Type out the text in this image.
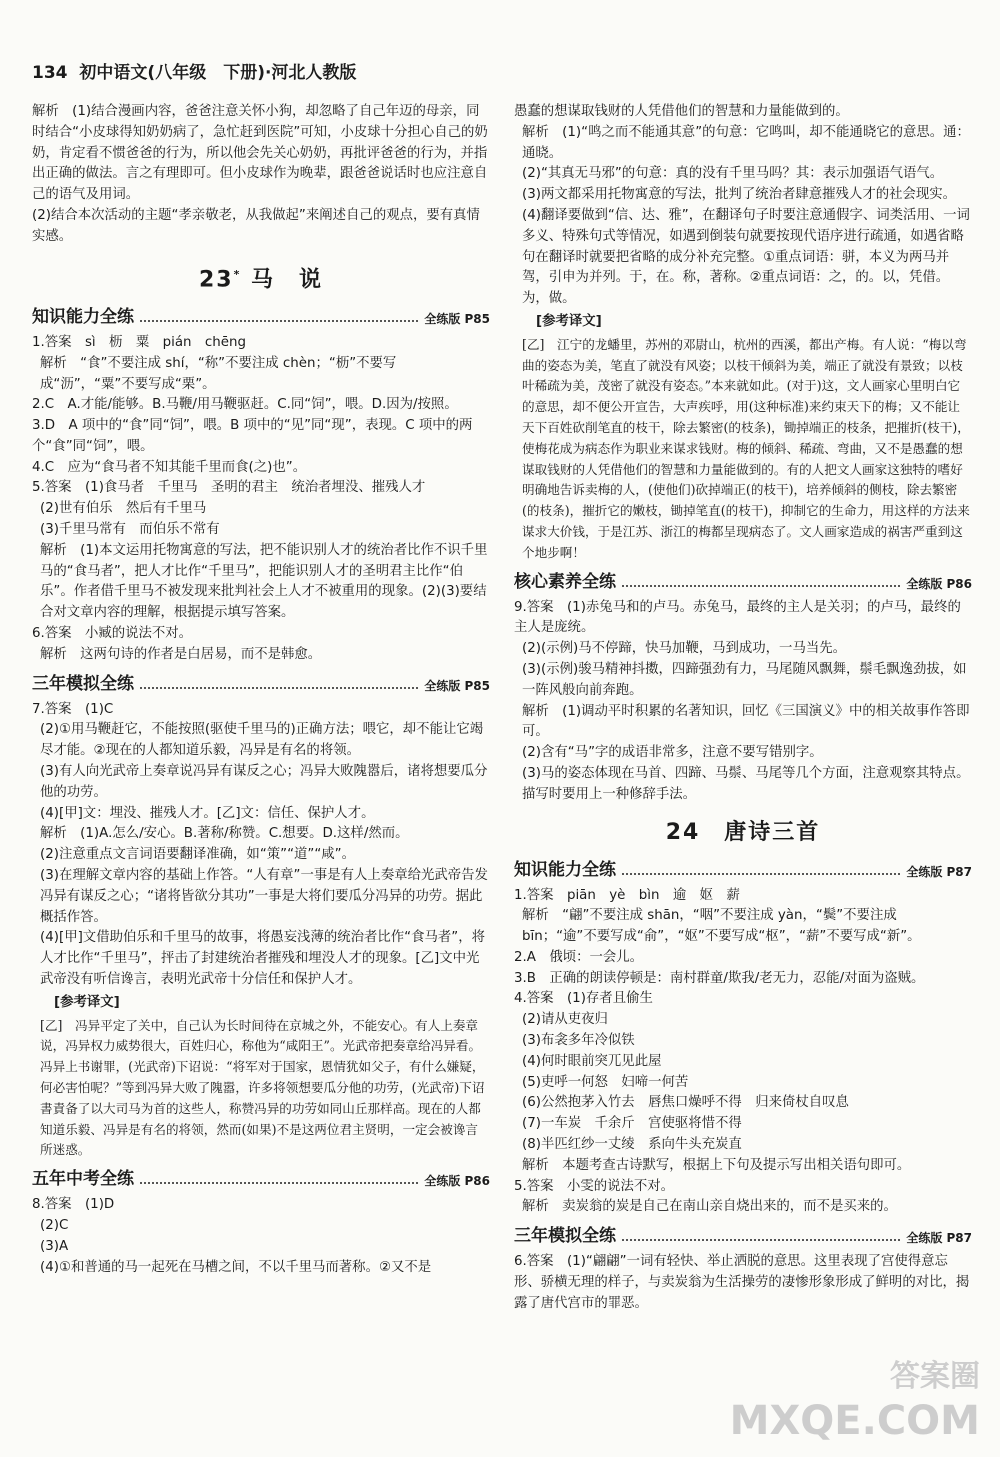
134 初中语文(八年级　下册)·河北人教版

解析　(1)结合漫画内容，爸爸注意关怀小狗，却忽略了自己年迈的母亲，同时结合“小皮球得知奶奶病了，急忙赶到医院”可知，小皮球十分担心自己的奶奶，肯定看不惯爸爸的行为，所以他会先关心奶奶，再批评爸爸的行为，并指出正确的做法。言之有理即可。但小皮球作为晚辈，跟爸爸说话时也应注意自己的语气及用词。

(2)结合本次活动的主题“孝亲敬老，从我做起”来阐述自己的观点，要有真情实感。

23* 马　说
知识能力全练	全练版 P85

1.答案　sì　枥　粟　pián　chēng

解析　“食”不要注成 shí，“称”不要注成 chèn；“枥”不要写成“沥”，“粟”不要写成“栗”。

2.C　A.才能/能够。B.马鞭/用马鞭驱赶。C.同“饲”，喂。D.因为/按照。

3.D　A 项中的“食”同“饲”，喂。B 项中的“见”同“现”，表现。C 项中的两个“食”同“饲”，喂。

4.C　应为“食马者不知其能千里而食(之)也”。

5.答案　(1)食马者　千里马　圣明的君主　统治者埋没、摧残人才

(2)世有伯乐　然后有千里马

(3)千里马常有　而伯乐不常有

解析　(1)本文运用托物寓意的写法，把不能识别人才的统治者比作不识千里马的“食马者”，把人才比作“千里马”，把能识别人才的圣明君主比作“伯乐”。作者借千里马不被发现来批判社会上人才不被重用的现象。(2)(3)要结合对文章内容的理解，根据提示填写答案。

6.答案　小臧的说法不对。

解析　这两句诗的作者是白居易，而不是韩愈。

三年模拟全练	全练版 P85

7.答案　(1)C

(2)①用马鞭赶它，不能按照(驱使千里马的)正确方法；喂它，却不能让它竭尽才能。②现在的人都知道乐毅，冯异是有名的将领。

(3)有人向光武帝上奏章说冯异有谋反之心；冯异大败隗嚣后，诸将想要瓜分他的功劳。

(4)[甲]文：埋没、摧残人才。[乙]文：信任、保护人才。

解析　(1)A.怎么/安心。B.著称/称赞。C.想要。D.这样/然而。

(2)注意重点文言词语要翻译准确，如“策”“道”“咸”。

(3)在理解文章内容的基础上作答。“人有章”一事是有人上奏章给光武帝告发冯异有谋反之心；“诸将皆欲分其功”一事是大将们要瓜分冯异的功劳。据此概括作答。

(4)[甲]文借助伯乐和千里马的故事，将愚妄浅薄的统治者比作“食马者”，将人才比作“千里马”，抨击了封建统治者摧残和埋没人才的现象。[乙]文中光武帝没有听信谗言，表明光武帝十分信任和保护人才。

[参考译文]

[乙]　冯异平定了关中，自己认为长时间待在京城之外，不能安心。有人上奏章说，冯异权力威势很大，百姓归心，称他为“咸阳王”。光武帝把奏章给冯异看。冯异上书谢罪，(光武帝)下诏说：“将军对于国家，恩情犹如父子，有什么嫌疑，何必害怕呢？”等到冯异大败了隗嚣，许多将领想要瓜分他的功劳，(光武帝)下诏書責备了以大司马为首的这些人，称赞冯异的功劳如同山丘那样高。现在的人都知道乐毅、冯异是有名的将领，然而(如果)不是这两位君主贤明，一定会被谗言所迷惑。

五年中考全练	全练版 P86

8.答案　(1)D

(2)C

(3)A

(4)①和普通的马一起死在马槽之间，不以千里马而著称。②又不是

愚蠢的想谋取钱财的人凭借他们的智慧和力量能做到的。

解析　(1)“鸣之而不能通其意”的句意：它鸣叫，却不能通晓它的意思。通：通晓。

(2)“其真无马邪”的句意：真的没有千里马吗？其：表示加强语气语气。

(3)两文都采用托物寓意的写法，批判了统治者肆意摧残人才的社会现实。

(4)翻译要做到“信、达、雅”，在翻译句子时要注意通假字、词类活用、一词多义、特殊句式等情况，如遇到倒装句就要按现代语序进行疏通，如遇省略句在翻译时就要把省略的成分补充完整。①重点词语：骈，本义为两马并驾，引申为并列。于，在。称，著称。②重点词语：之，的。以，凭借。为，做。

[参考译文]

[乙]　江宁的龙蟠里，苏州的邓尉山，杭州的西溪，都出产梅。有人说：“梅以弯曲的姿态为美，笔直了就没有风姿；以枝干倾斜为美，端正了就没有景致；以枝叶稀疏为美，茂密了就没有姿态。”本来就如此。(对于)这，文人画家心里明白它的意思，却不便公开宣告，大声疾呼，用(这种标准)来约束天下的梅；又不能让天下百姓砍削笔直的枝干，除去繁密(的枝条)，锄掉端正的枝条，把摧折(枝干)，使梅花成为病态作为职业来谋求钱财。梅的倾斜、稀疏、弯曲，又不是愚蠢的想谋取钱财的人凭借他们的智慧和力量能做到的。有的人把文人画家这独特的嗜好明确地告诉卖梅的人，(使他们)砍掉端正(的枝干)，培养倾斜的侧枝，除去繁密(的枝条)，摧折它的嫩枝，锄掉笔直(的枝干)，抑制它的生命力，用这样的方法来谋求大价钱，于是江苏、浙江的梅都呈现病态了。文人画家造成的祸害严重到这个地步啊！

核心素养全练	全练版 P86

9.答案　(1)赤兔马和的卢马。赤兔马，最终的主人是关羽；的卢马，最终的主人是庞统。

(2)(示例)马不停蹄，快马加鞭，马到成功，一马当先。

(3)(示例)骏马精神抖擞，四蹄强劲有力，马尾随风飘舞，鬃毛飘逸劲拔，如一阵风般向前奔跑。

解析　(1)调动平时积累的名著知识，回忆《三国演义》中的相关故事作答即可。

(2)含有“马”字的成语非常多，注意不要写错别字。

(3)马的姿态体现在马首、四蹄、马鬃、马尾等几个方面，注意观察其特点。描写时要用上一种修辞手法。

24　唐诗三首
知识能力全练	全练版 P87

1.答案　piān　yè　bìn　逾　妪　薪

解析　“翩”不要注成 shān，“咽”不要注成 yàn，“鬓”不要注成 bīn；“逾”不要写成“俞”，“妪”不要写成“枢”，“薪”不要写成“新”。

2.A　俄顷：一会儿。

3.B　正确的朗读停顿是：南村群童/欺我/老无力，忍能/对面为盗贼。

4.答案　(1)存者且偷生

(2)请从吏夜归

(3)布衾多年冷似铁

(4)何时眼前突兀见此屋

(5)吏呼一何怒　妇啼一何苦

(6)公然抱茅入竹去　唇焦口燥呼不得　归来倚杖自叹息

(7)一车炭　千余斤　宫使驱将惜不得

(8)半匹红纱一丈绫　系向牛头充炭直

解析　本题考查古诗默写，根据上下句及提示写出相关语句即可。

5.答案　小雯的说法不对。

解析　卖炭翁的炭是自己在南山亲自烧出来的，而不是买来的。

三年模拟全练	全练版 P87

6.答案　(1)“翩翩”一词有轻快、举止洒脱的意思。这里表现了宫使得意忘形、骄横无理的样子，与卖炭翁为生活操劳的凄惨形象形成了鲜明的对比，揭露了唐代宫市的罪恶。

答案圈
MXQE.COM
